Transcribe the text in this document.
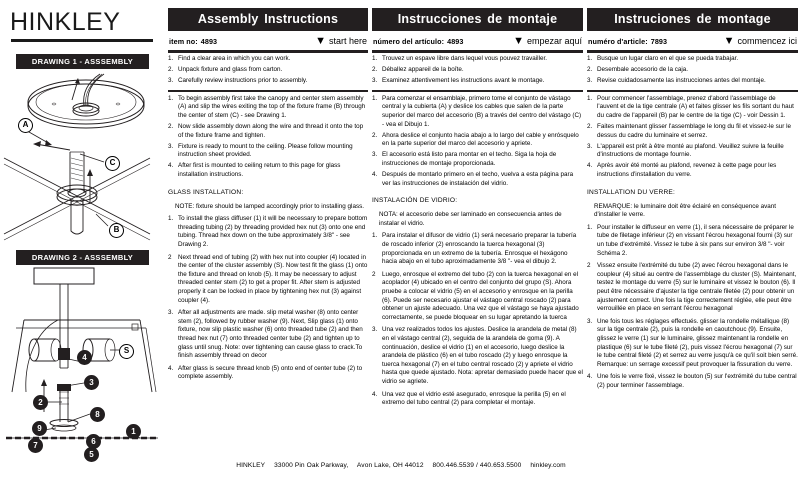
HINKLEY
DRAWING 1 - ASSSEMBLY
A
C
B
DRAWING 2 - ASSSEMBLY
4
S
3
2
8
9	1
6
7
5
Assembly Instructions
item no: 4893	▼ start here
1. Find a clear area in which you can work.
2. Unpack fixture and glass from carton.
3. Carefully review instructions prior to assembly.
1. To begin assembly first take the canopy and center stem assembly (A) and slip the wires exiting the top of the fixture frame (B) through the center of stem (C) - see Drawing 1.
2. Now slide assembly down along the wire and thread it onto the top of the fixture frame and tighten.
3. Fixture is ready to mount to the ceiling. Please follow mounting instruction sheet provided.
4. After first is mounted to ceiling return to this page for glass installation instructions.
GLASS INSTALLATION:
NOTE: fixture should be lamped accordingly prior to installing glass.
1. To install the glass diffuser (1) it will be necessary to prepare bottom threading tubing (2) by threading provided hex nut (3) onto one end tubing. Thread hex down on the tube approximately 3/8" - see Drawing 2.
2 Next thread end of tubing (2) with hex nut into coupler (4) located in the center of the cluster assembly (S). Now test fit the glass (1) onto the fixture and thread on knob (5). It may be necessary to adjust threaded center stem (2) to get a proper fit. After stem is adjusted properly it can be locked in place by tightening hex nut (3) against coupler (4).
3. After all adjustments are made. slip metal washer (8) onto center stem (2), followed by rubber washer (9). Next, Slip glass (1) onto fixture, now slip plastic washer (6) onto threaded tube (2) and then thread hex nut (7) onto threaded center tube (2) and tighten up to glass until snug. Note: over tightening can cause glass to crack.To finish assembly thread on decor
4. After glass is secure thread knob (5) onto end of center tube (2) to complete assembly.
Instrucciones de montaje
número del artículo: 4893	▼ empezar aquí
1. Trouvez un espave libre dans lequel vous pouvez travailler.
2. Déballez appareil de la boîte.
3. Examinez attentivement les instructions avant le montage.
1. Para comenzar el ensamblaje, primero tome el conjunto de vástago central y la cubierta (A) y deslice los cables que salen de la parte superior del marco del accesorio (B) a través del centro del vástago (C) - vea el Dibujo 1.
2. Ahora deslice el conjunto hacia abajo a lo largo del cable y enrósquelo en la parte superior del marco del accesorio y apriete.
3. El accesorio está listo para montar en el techo. Siga la hoja de instrucciones de montaje proporcionada.
4. Después de montarlo primero en el techo, vuelva a esta página para ver las instrucciones de instalación del vidrio.
INSTALACIÓN DE VIDRIO:
NOTA: el accesorio debe ser laminado en consecuencia antes de instalar el vidrio.
1. Para instalar el difusor de vidrio (1) será necesario preparar la tubería de roscado inferior (2) enroscando la tuerca hexagonal (3) proporcionada en un extremo de la tubería. Enrosque el hexágono hacia abajo en el tubo aproximadamente 3/8 "- vea el dibujo 2.
2 Luego, enrosque el extremo del tubo (2) con la tuerca hexagonal en el acoplador (4) ubicado en el centro del conjunto del grupo (S). Ahora pruebe a colocar el vidrio (5) en el accesorio y enrosque en la perilla (6). Puede ser necesario ajustar el vástago central roscado (2) para obtener un ajuste adecuado. Una vez que el vástago se haya ajustado correctamente, se puede bloquear en su lugar apretando la tuerca
3. Una vez realizados todos los ajustes. Deslice la arandela de metal (8) en el vástago central (2), seguida de la arandela de goma (9). A continuación, deslice el vidrio (1) en el accesorio, luego deslice la arandela de plástico (6) en el tubo roscado (2) y luego enrosque la tuerca hexagonal (7) en el tubo central roscado (2) y apriete el vidrio hasta que quede ajustado. Nota: apretar demasiado puede hacer que el vidrio se agriete.
4. Una vez que el vidrio esté asegurado, enrosque la perilla (5) en el extremo del tubo central (2) para completar el montaje.
Instruciones de montage
numéro d'article: 7893	▼ commencez ici
1. Busque un lugar claro en el que se pueda trabajar.
2. Desembale accesorio de la caja.
3. Revise cuidadosamente las instrucciones antes del montaje.
1. Pour commencer l'assemblage, prenez d'abord l'assemblage de l'auvent et de la tige centrale (A) et faites glisser les fils sortant du haut du cadre de l'appareil (B) par le centre de la tige (C) - voir Dessin 1.
2. Faites maintenant glisser l'assemblage le long du fil et vissez-le sur le dessus du cadre du luminaire et serrez.
3. L'appareil est prêt à être monté au plafond. Veuillez suivre la feuille d'instructions de montage fournie.
4. Après avoir été monté au plafond, revenez à cette page pour les instructions d'installation du verre.
INSTALLATION DU VERRE:
REMARQUE: le luminaire doit être éclairé en conséquence avant d'installer le verre.
1. Pour installer le diffuseur en verre (1), il sera nécessaire de préparer le tube de filetage inférieur (2) en vissant l'écrou hexagonal fourni (3) sur un tube d'extrémité. Vissez le tube à six pans sur environ 3/8 "- voir Schéma 2.
2 Vissez ensuite l'extrémité du tube (2) avec l'écrou hexagonal dans le coupleur (4) situé au centre de l'assemblage du cluster (S). Maintenant, testez le montage du verre (5) sur le luminaire et vissez le bouton (6). Il peut être nécessaire d'ajuster la tige centrale filetée (2) pour obtenir un ajustement correct. Une fois la tige correctement réglée, elle peut être verrouillée en place en serrant l'écrou hexagonal
3. Une fois tous les réglages effectués. glisser la rondelle métallique (8) sur la tige centrale (2), puis la rondelle en caoutchouc (9). Ensuite, glissez le verre (1) sur le luminaire, glissez maintenant la rondelle en plastique (6) sur le tube fileté (2), puis vissez l'écrou hexagonal (7) sur le tube central fileté (2) et serrez au verre jusqu'à ce qu'il soit bien serré. Remarque: un serrage excessif peut provoquer la fissuration du verre.
4. Une fois le verre fixé, vissez le bouton (5) sur l'extrémité du tube central (2) pour terminer l'assemblage.
HINKLEY 33000 Pin Oak Parkway, Avon Lake, OH 44012 800.446.5539 / 440.653.5500 hinkley.com
